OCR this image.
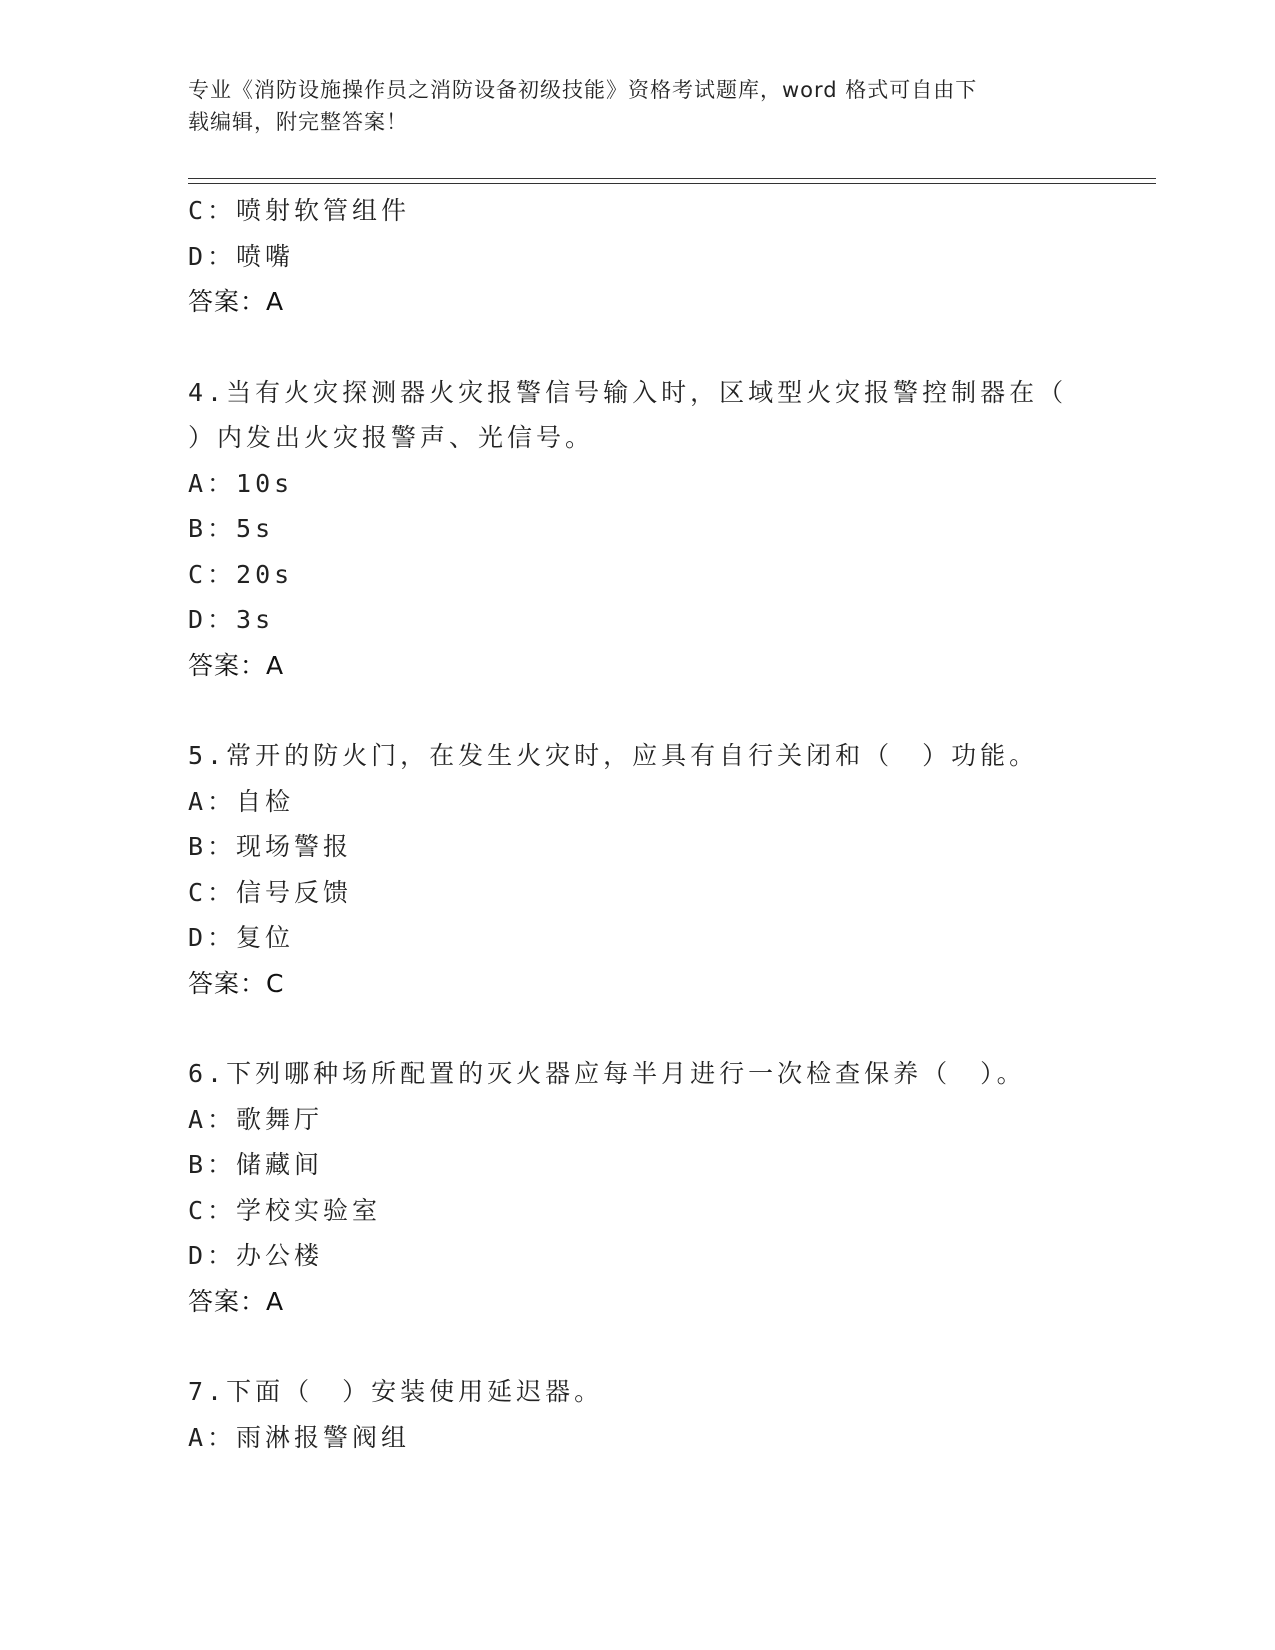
专业《消防设施操作员之消防设备初级技能》资格考试题库，word 格式可自由下
载编辑，附完整答案！
C：喷射软管组件
D：喷嘴
答案：A
4.当有火灾探测器火灾报警信号输入时，区域型火灾报警控制器在（
）内发出火灾报警声、光信号。
A：10s
B：5s
C：20s
D：3s
答案：A
5.常开的防火门，在发生火灾时，应具有自行关闭和（　）功能。
A：自检
B：现场警报
C：信号反馈
D：复位
答案：C
6.下列哪种场所配置的灭火器应每半月进行一次检查保养（　）。
A：歌舞厅
B：储藏间
C：学校实验室
D：办公楼
答案：A
7.下面（　）安装使用延迟器。
A：雨淋报警阀组
